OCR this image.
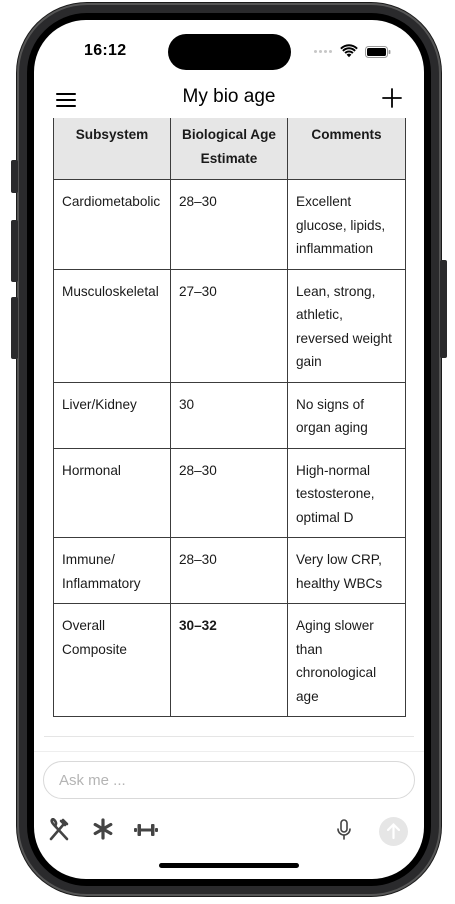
16:12
My bio age
Subsystem	Biological Age Estimate	Comments
Cardiometabolic	28–30	Excellent glucose, lipids, inflammation
Musculoskeletal	27–30	Lean, strong, athletic, reversed weight gain
Liver/Kidney	30	No signs of organ aging
Hormonal	28–30	High-normal testosterone, optimal D
Immune/ Inflammatory	28–30	Very low CRP, healthy WBCs
Overall Composite	30–32	Aging slower than chronological age
Ask me ...
